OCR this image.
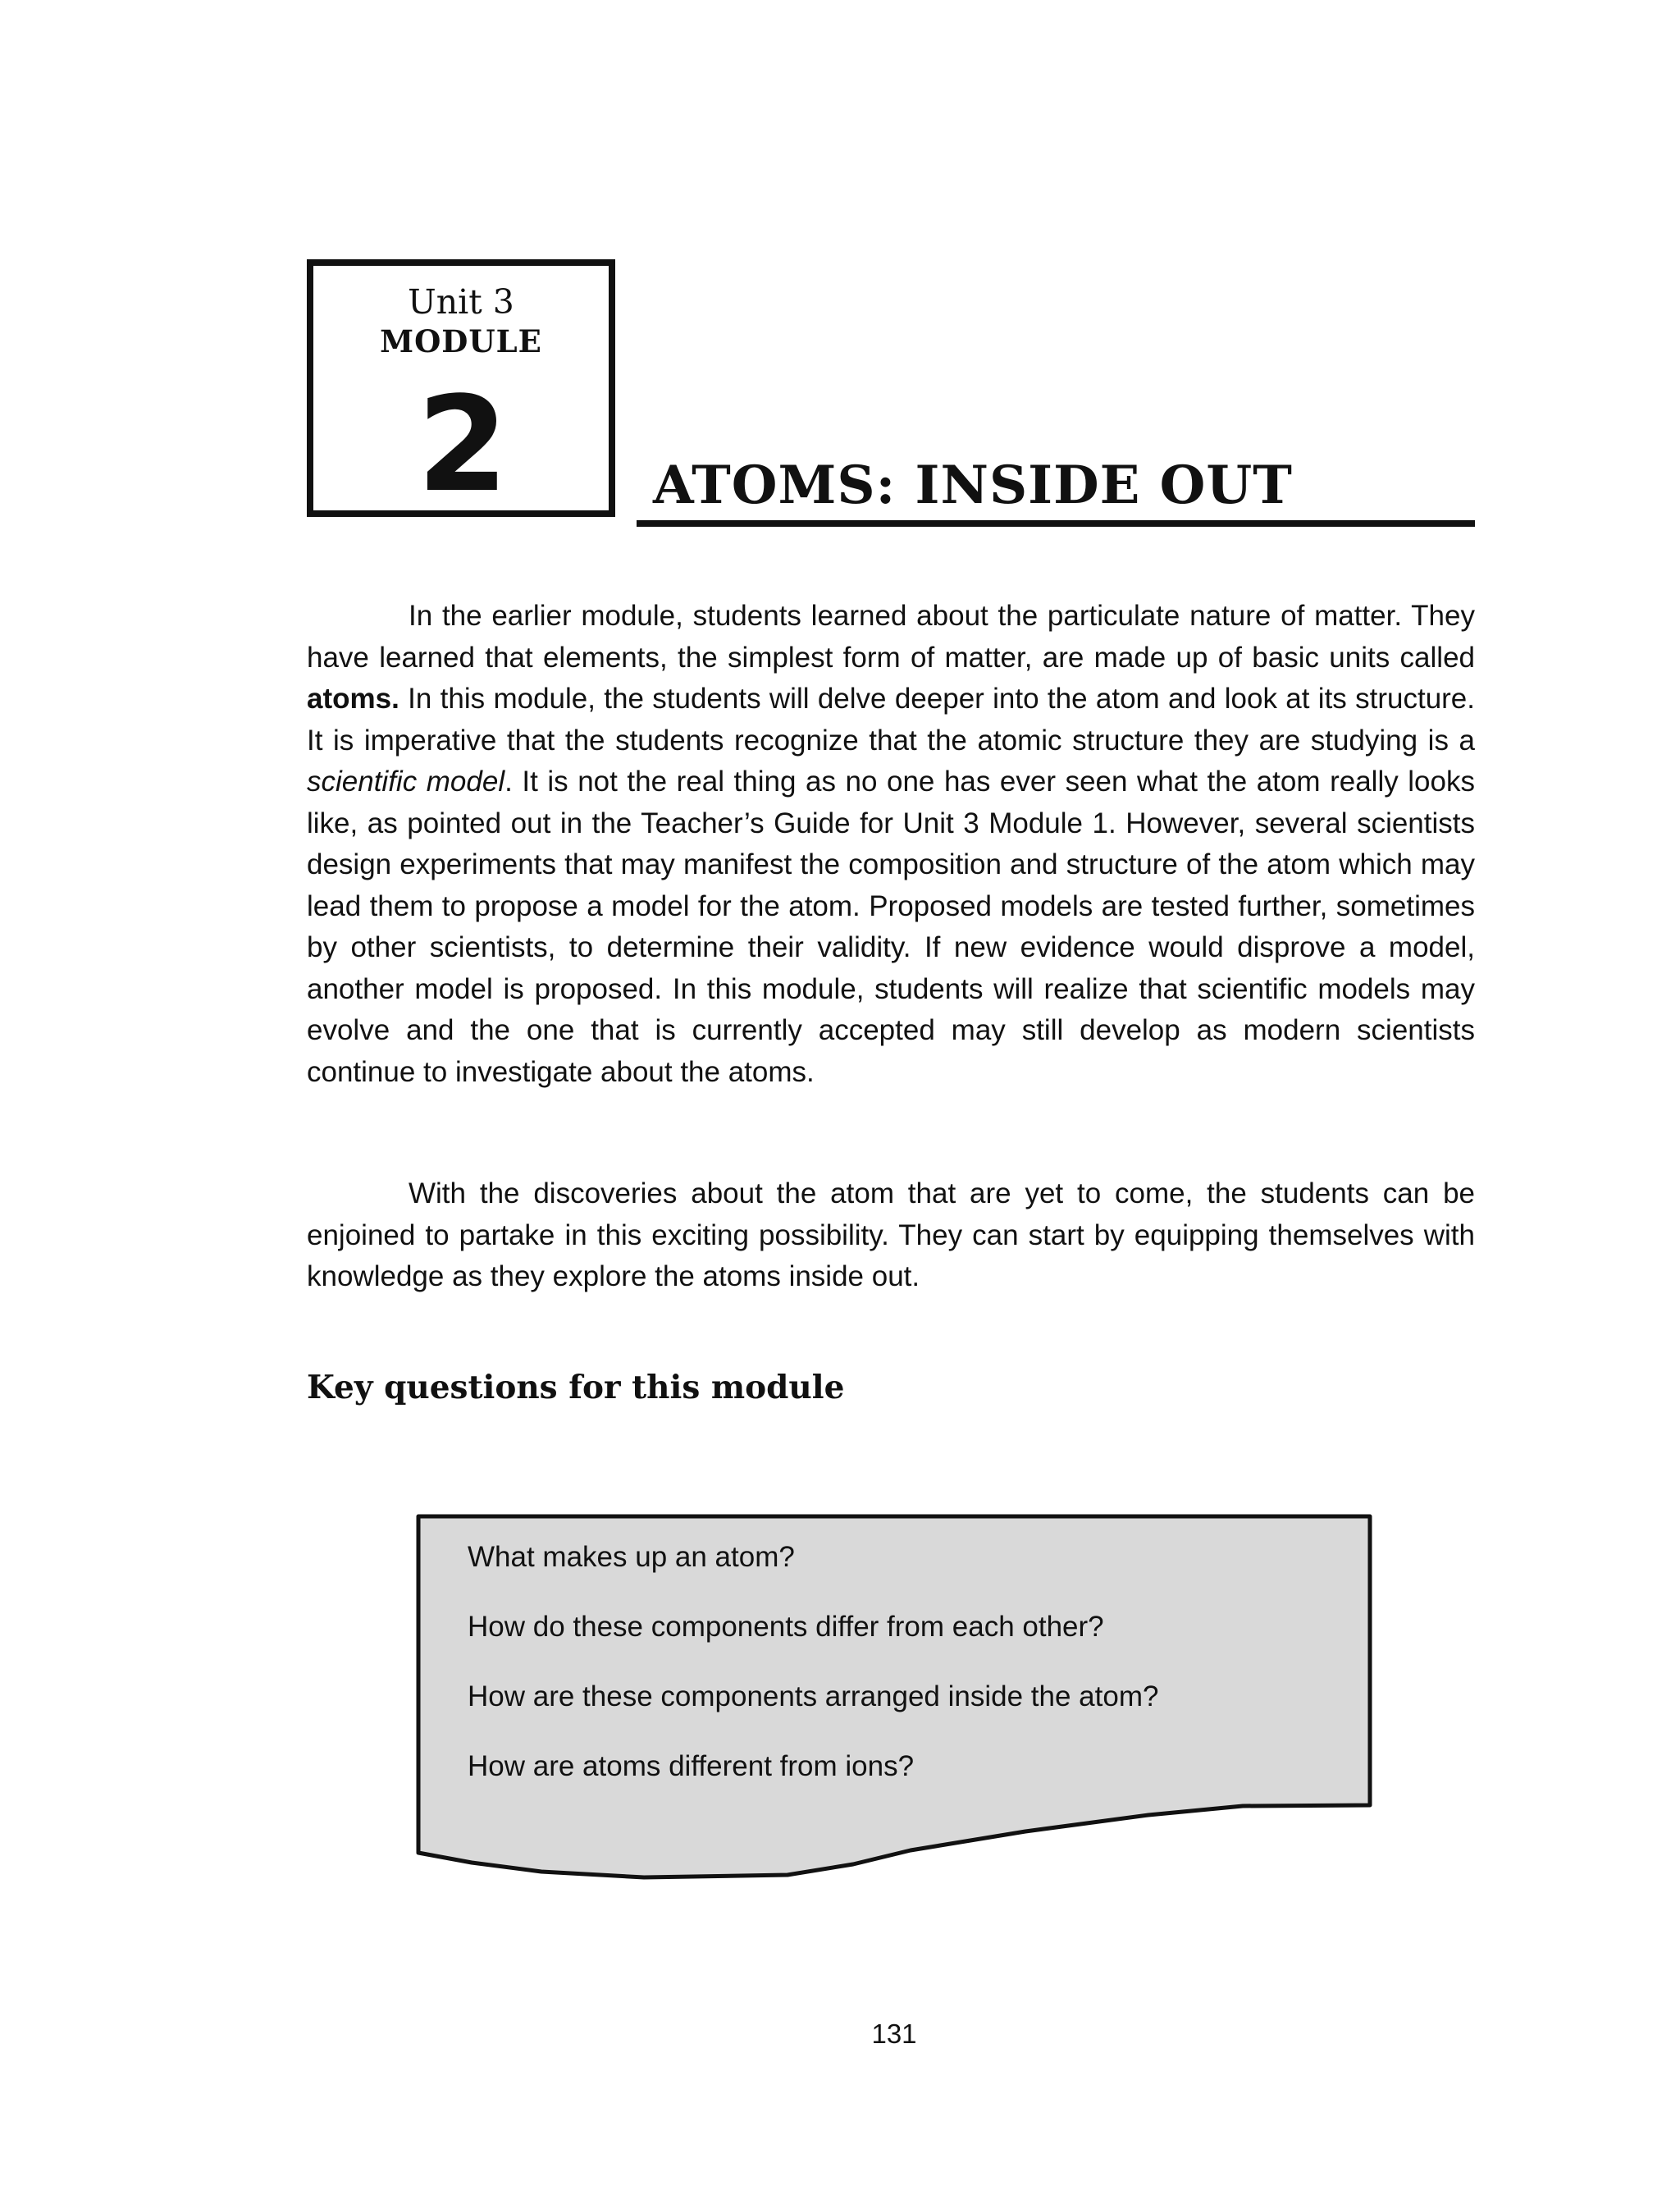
Unit 3
MODULE
2	ATOMS: INSIDE OUT

In the earlier module, students learned about the particulate nature of matter. They have learned that elements, the simplest form of matter, are made up of basic units called atoms. In this module, the students will delve deeper into the atom and look at its structure. It is imperative that the students recognize that the atomic structure they are studying is a scientific model. It is not the real thing as no one has ever seen what the atom really looks like, as pointed out in the Teacher’s Guide for Unit 3 Module 1. However, several scientists design experiments that may manifest the composition and structure of the atom which may lead them to propose a model for the atom. Proposed models are tested further, sometimes by other scientists, to determine their validity. If new evidence would disprove a model, another model is proposed. In this module, students will realize that scientific models may evolve and the one that is currently accepted may still develop as modern scientists continue to investigate about the atoms.

With the discoveries about the atom that are yet to come, the students can be enjoined to partake in this exciting possibility. They can start by equipping themselves with knowledge as they explore the atoms inside out.

Key questions for this module
What makes up an atom?
How do these components differ from each other?
How are these components arranged inside the atom?
How are atoms different from ions?
131
